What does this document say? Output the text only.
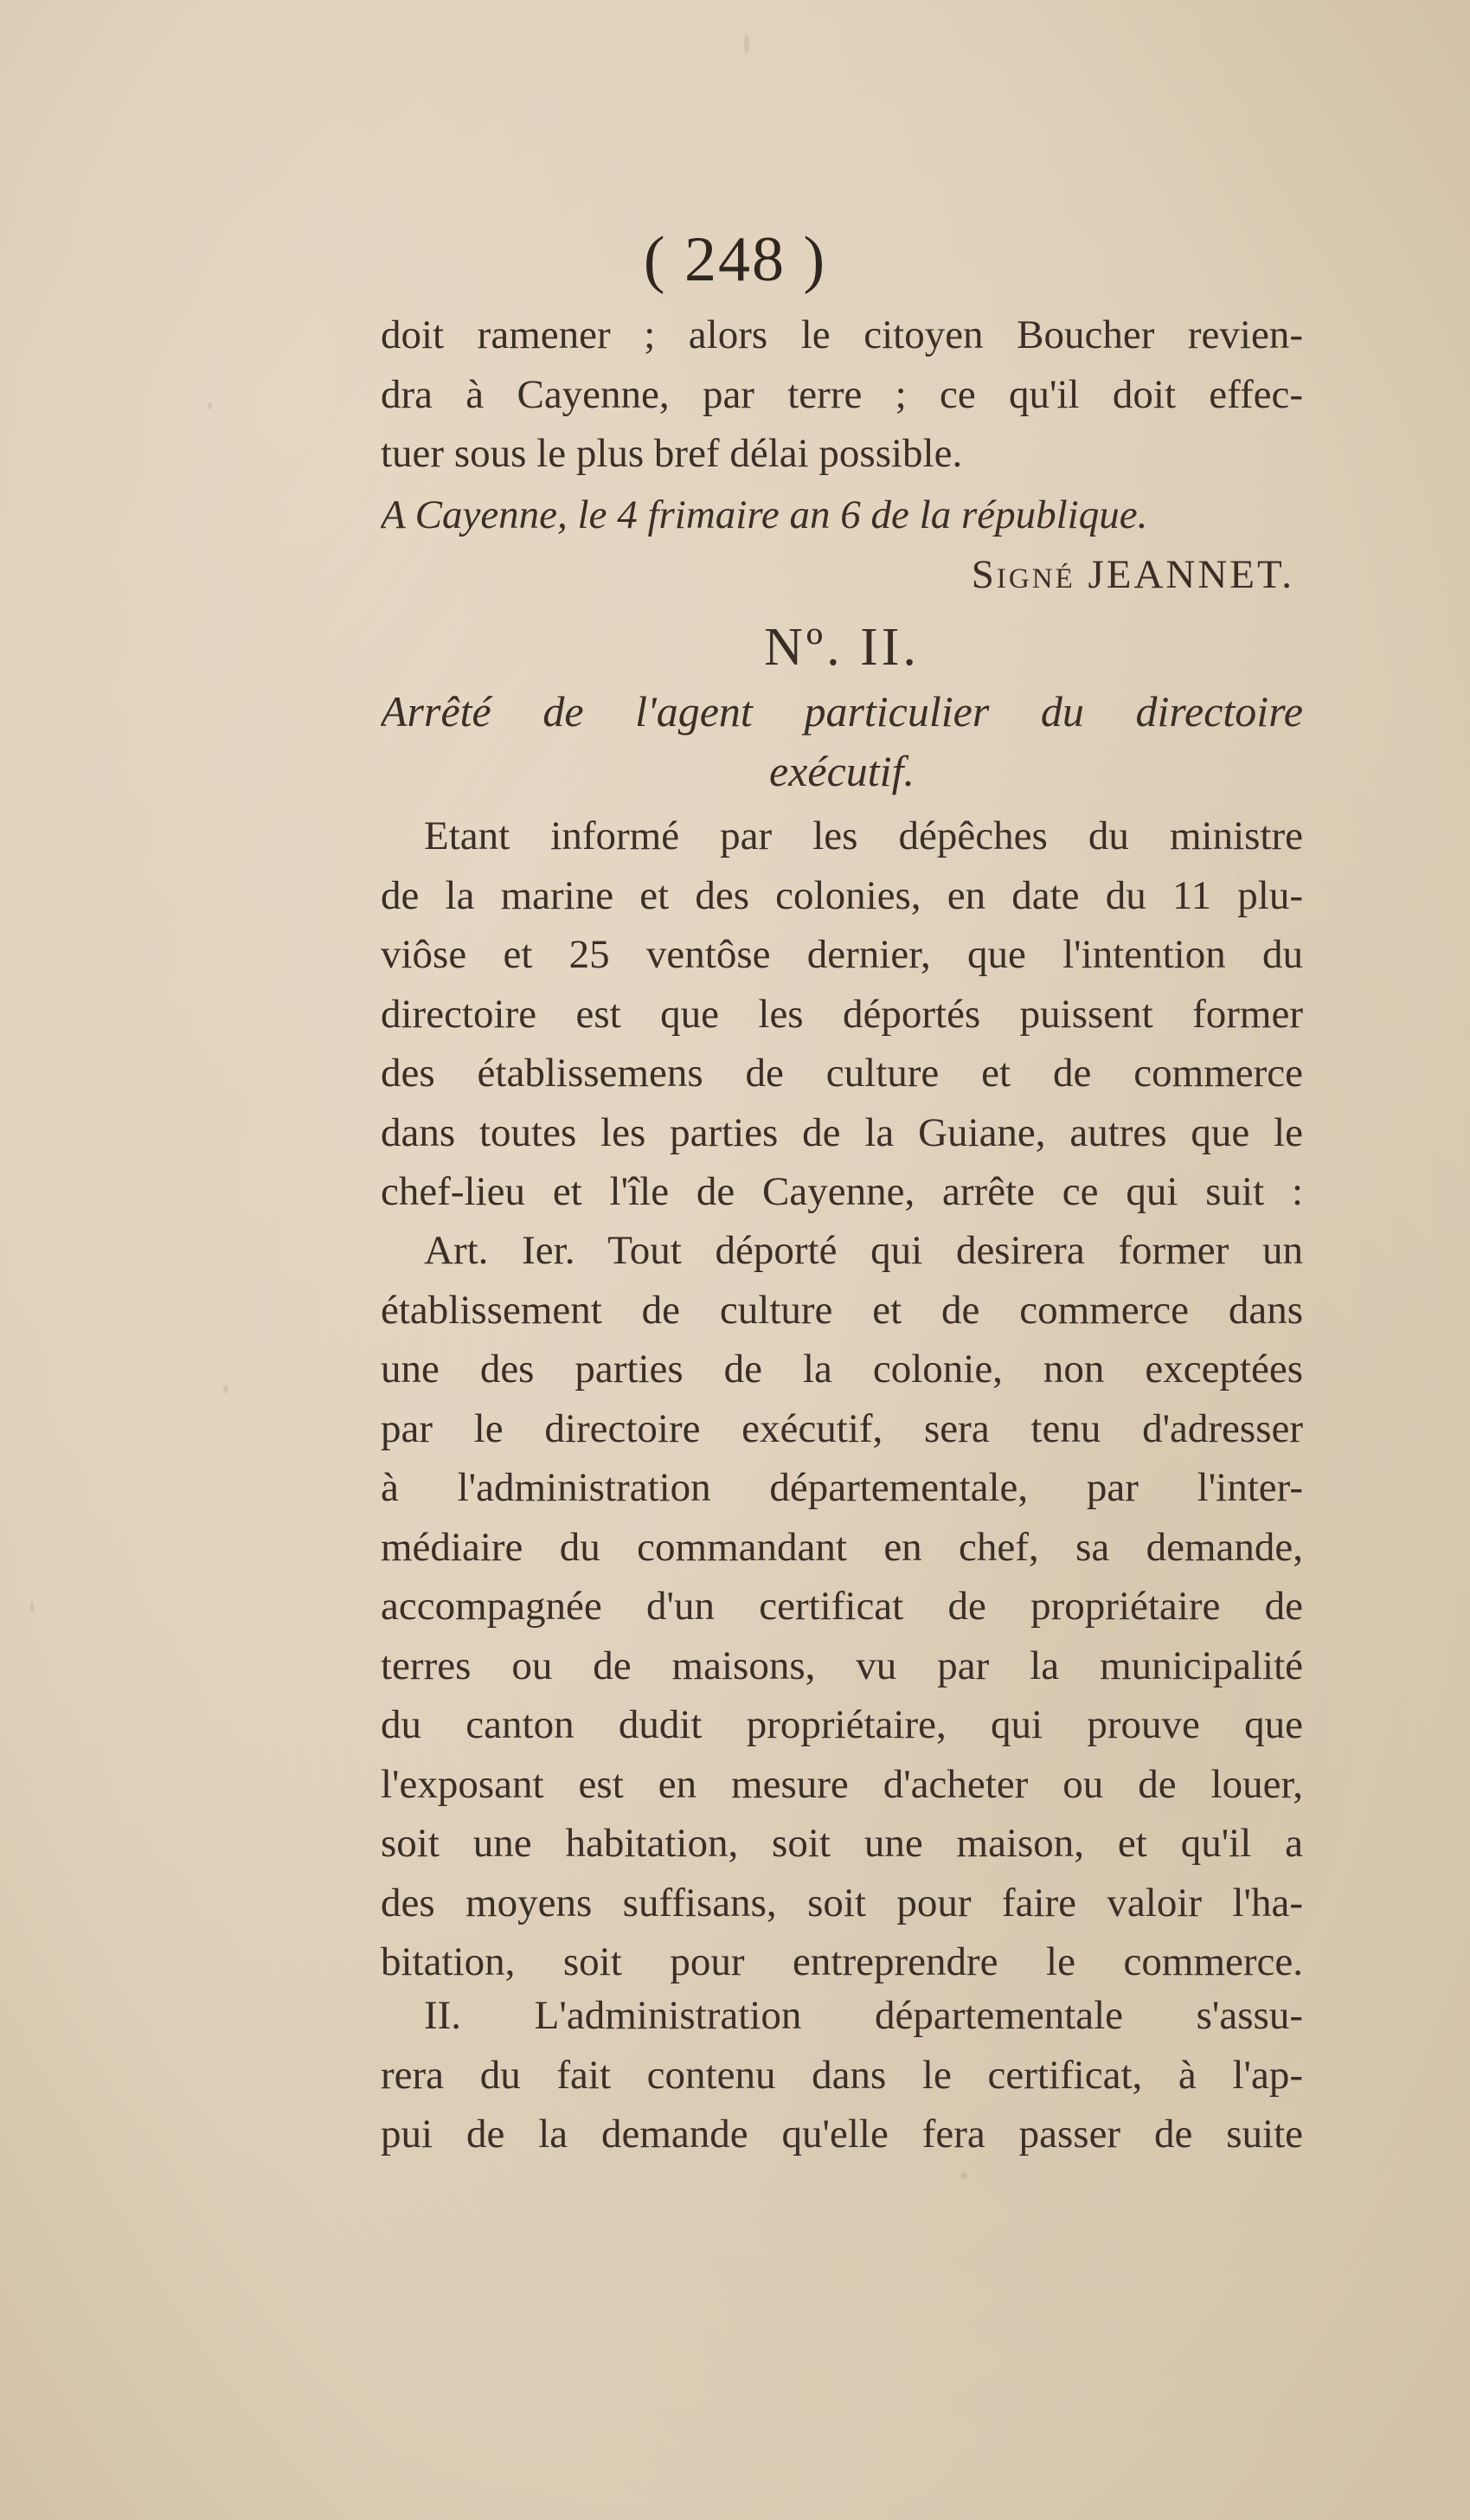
( 248 )
doit ramener ; alors le citoyen Boucher revien-
dra à Cayenne, par terre ; ce qu'il doit effec-
tuer sous le plus bref délai possible.
A Cayenne, le 4 frimaire an 6 de la république.
Signé JEANNET.
Nº. II.
Arrêté de l'agent particulier du directoire
exécutif.
Etant informé par les dépêches du ministre
de la marine et des colonies, en date du 11 plu-
viôse et 25 ventôse dernier, que l'intention du
directoire est que les déportés puissent former
des établissemens de culture et de commerce
dans toutes les parties de la Guiane, autres que le
chef-lieu et l'île de Cayenne, arrête ce qui suit :
Art. Ier. Tout déporté qui desirera former un
établissement de culture et de commerce dans
une des parties de la colonie, non exceptées
par le directoire exécutif, sera tenu d'adresser
à l'administration départementale, par l'inter-
médiaire du commandant en chef, sa demande,
accompagnée d'un certificat de propriétaire de
terres ou de maisons, vu par la municipalité
du canton dudit propriétaire, qui prouve que
l'exposant est en mesure d'acheter ou de louer,
soit une habitation, soit une maison, et qu'il a
des moyens suffisans, soit pour faire valoir l'ha-
bitation, soit pour entreprendre le commerce.
II. L'administration départementale s'assu-
rera du fait contenu dans le certificat, à l'ap-
pui de la demande qu'elle fera passer de suite
